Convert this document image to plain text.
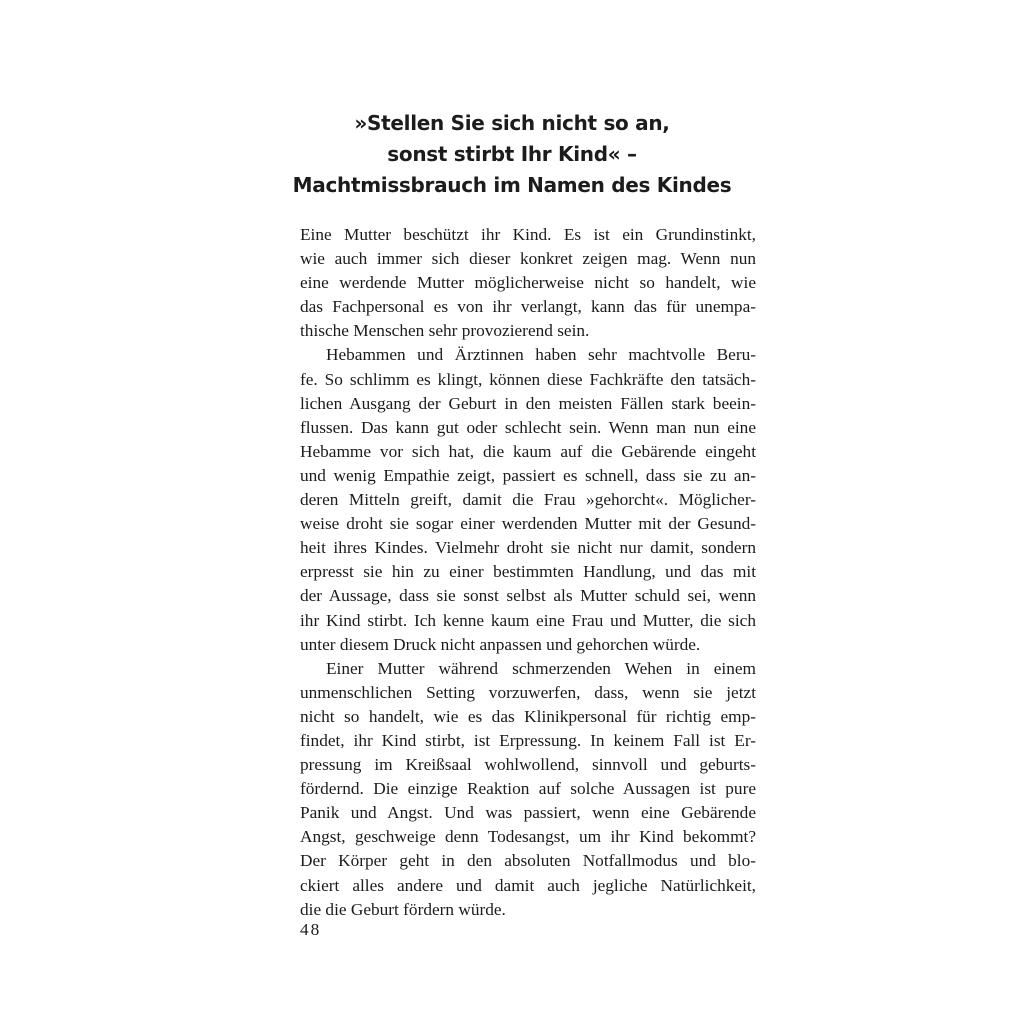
»Stellen Sie sich nicht so an,
sonst stirbt Ihr Kind« –
Machtmissbrauch im Namen des Kindes
Eine Mutter beschützt ihr Kind. Es ist ein Grundinstinkt,
wie auch immer sich dieser konkret zeigen mag. Wenn nun
eine werdende Mutter möglicherweise nicht so handelt, wie
das Fachpersonal es von ihr verlangt, kann das für unempa-
thische Menschen sehr provozierend sein.
Hebammen und Ärztinnen haben sehr machtvolle Beru-
fe. So schlimm es klingt, können diese Fachkräfte den tatsäch-
lichen Ausgang der Geburt in den meisten Fällen stark beein-
flussen. Das kann gut oder schlecht sein. Wenn man nun eine
Hebamme vor sich hat, die kaum auf die Gebärende eingeht
und wenig Empathie zeigt, passiert es schnell, dass sie zu an-
deren Mitteln greift, damit die Frau »gehorcht«. Möglicher-
weise droht sie sogar einer werdenden Mutter mit der Gesund-
heit ihres Kindes. Vielmehr droht sie nicht nur damit, sondern
erpresst sie hin zu einer bestimmten Handlung, und das mit
der Aussage, dass sie sonst selbst als Mutter schuld sei, wenn
ihr Kind stirbt. Ich kenne kaum eine Frau und Mutter, die sich
unter diesem Druck nicht anpassen und gehorchen würde.
Einer Mutter während schmerzenden Wehen in einem
unmenschlichen Setting vorzuwerfen, dass, wenn sie jetzt
nicht so handelt, wie es das Klinikpersonal für richtig emp-
findet, ihr Kind stirbt, ist Erpressung. In keinem Fall ist Er-
pressung im Kreißsaal wohlwollend, sinnvoll und geburts-
fördernd. Die einzige Reaktion auf solche Aussagen ist pure
Panik und Angst. Und was passiert, wenn eine Gebärende
Angst, geschweige denn Todesangst, um ihr Kind bekommt?
Der Körper geht in den absoluten Notfallmodus und blo-
ckiert alles andere und damit auch jegliche Natürlichkeit,
die die Geburt fördern würde.
48
